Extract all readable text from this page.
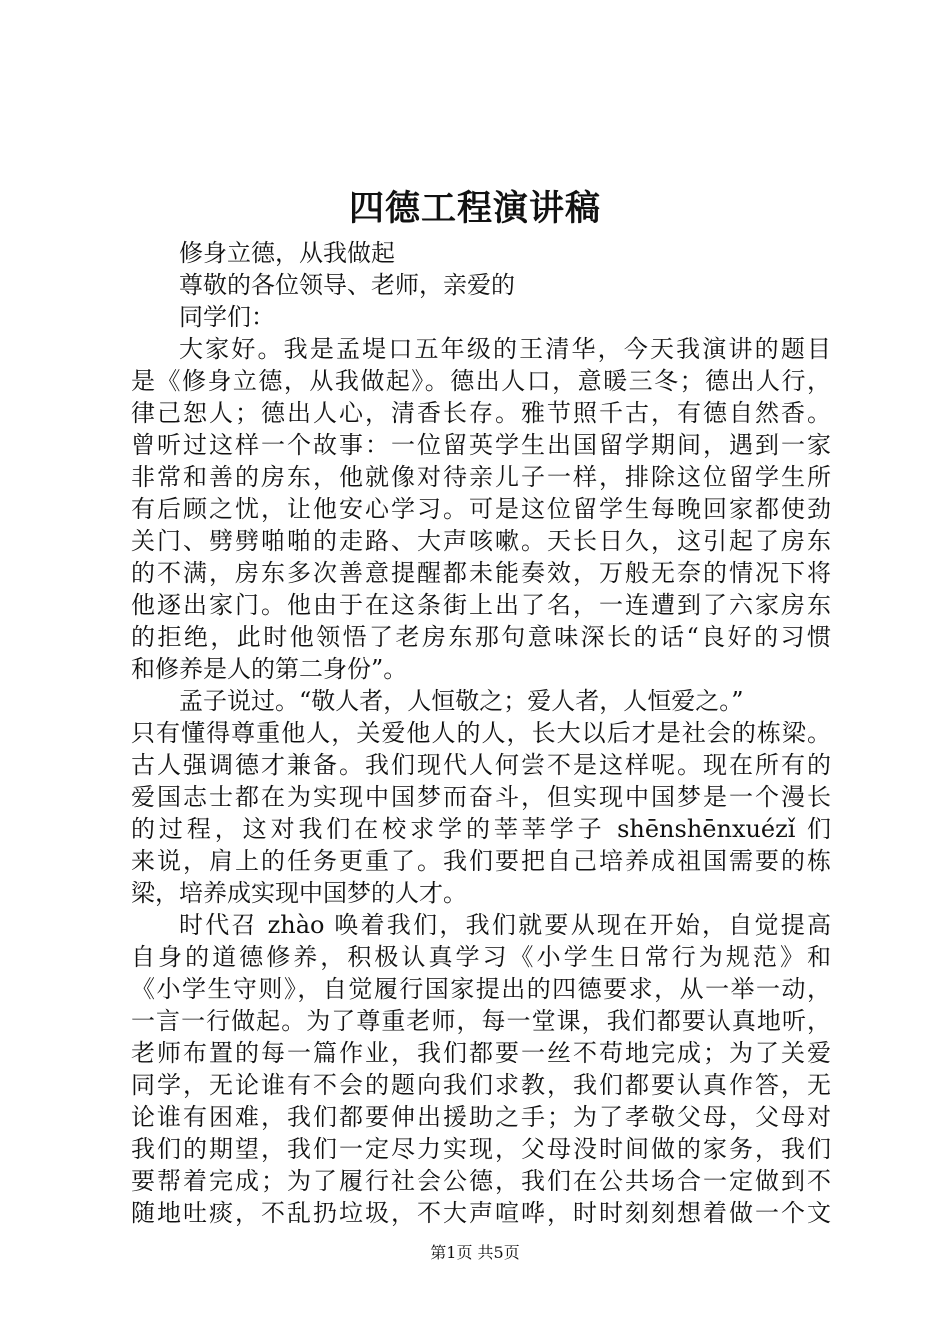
四德工程演讲稿
修身立德，从我做起
尊敬的各位领导、老师，亲爱的
同学们：
大家好。我是孟堤口五年级的王清华，今天我演讲的题目
是《修身立德，从我做起》。德出人口，意暖三冬；德出人行，
律己恕人；德出人心，清香长存。雅节照千古，有德自然香。
曾听过这样一个故事：一位留英学生出国留学期间，遇到一家
非常和善的房东，他就像对待亲儿子一样，排除这位留学生所
有后顾之忧，让他安心学习。可是这位留学生每晚回家都使劲
关门、劈劈啪啪的走路、大声咳嗽。天长日久，这引起了房东
的不满，房东多次善意提醒都未能奏效，万般无奈的情况下将
他逐出家门。他由于在这条街上出了名，一连遭到了六家房东
的拒绝，此时他领悟了老房东那句意味深长的话“良好的习惯
和修养是人的第二身份”。
孟子说过。“敬人者，人恒敬之；爱人者，人恒爱之。”
只有懂得尊重他人，关爱他人的人，长大以后才是社会的栋梁。
古人强调德才兼备。我们现代人何尝不是这样呢。现在所有的
爱国志士都在为实现中国梦而奋斗，但实现中国梦是一个漫长
的过程，这对我们在校求学的莘莘学子 shēnshēnxuézǐ 们
来说，肩上的任务更重了。我们要把自己培养成祖国需要的栋
梁，培养成实现中国梦的人才。
时代召 zhào 唤着我们，我们就要从现在开始，自觉提高
自身的道德修养，积极认真学习《小学生日常行为规范》和
《小学生守则》，自觉履行国家提出的四德要求，从一举一动，
一言一行做起。为了尊重老师，每一堂课，我们都要认真地听，
老师布置的每一篇作业，我们都要一丝不苟地完成；为了关爱
同学，无论谁有不会的题向我们求教，我们都要认真作答，无
论谁有困难，我们都要伸出援助之手；为了孝敬父母，父母对
我们的期望，我们一定尽力实现，父母没时间做的家务，我们
要帮着完成；为了履行社会公德，我们在公共场合一定做到不
随地吐痰，不乱扔垃圾，不大声喧哗，时时刻刻想着做一个文
第1页 共5页
